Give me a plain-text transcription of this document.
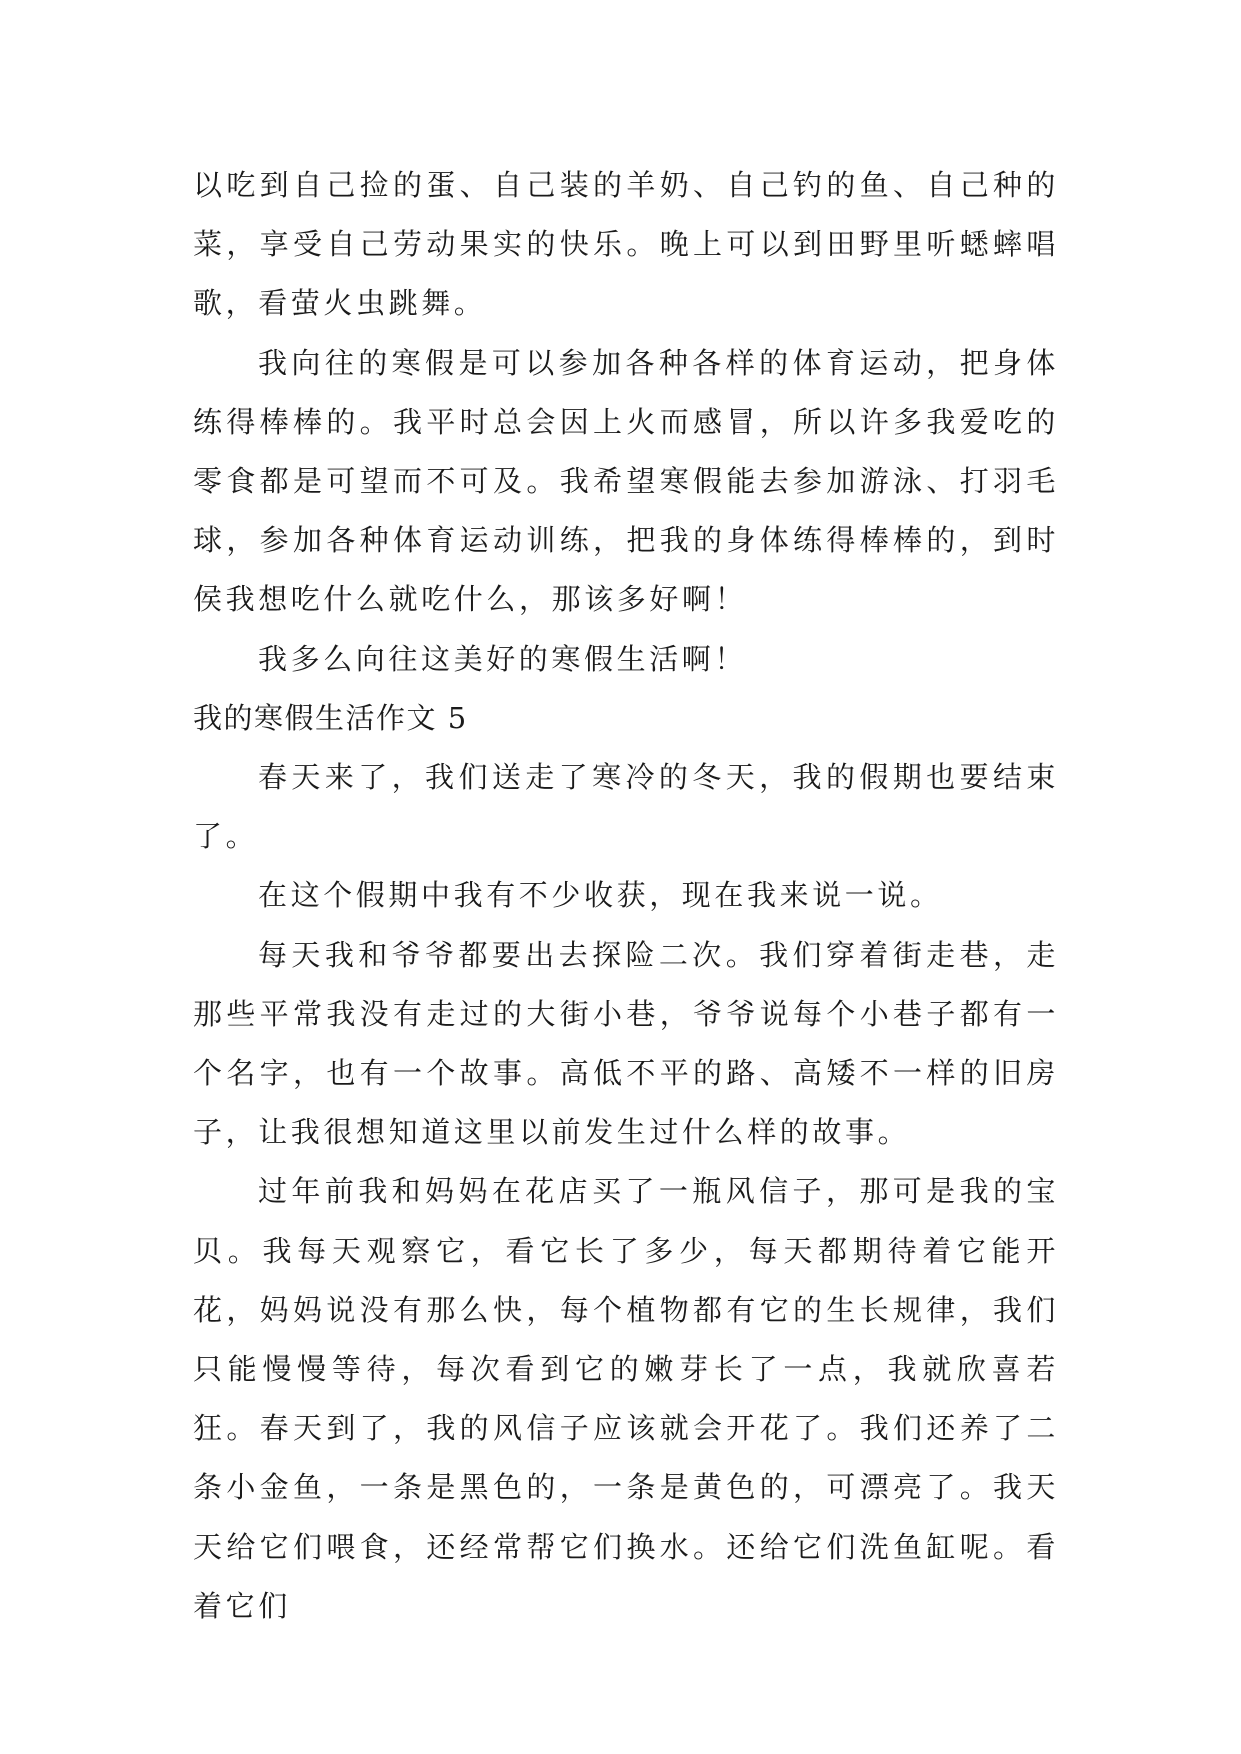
以吃到自己捡的蛋、自己装的羊奶、自己钓的鱼、自己种的菜，享受自己劳动果实的快乐。晚上可以到田野里听蟋蟀唱歌，看萤火虫跳舞。

我向往的寒假是可以参加各种各样的体育运动，把身体练得棒棒的。我平时总会因上火而感冒，所以许多我爱吃的零食都是可望而不可及。我希望寒假能去参加游泳、打羽毛球，参加各种体育运动训练，把我的身体练得棒棒的，到时侯我想吃什么就吃什么，那该多好啊！

我多么向往这美好的寒假生活啊！

我的寒假生活作文 5

春天来了，我们送走了寒冷的冬天，我的假期也要结束了。

在这个假期中我有不少收获，现在我来说一说。

每天我和爷爷都要出去探险二次。我们穿着街走巷，走那些平常我没有走过的大街小巷，爷爷说每个小巷子都有一个名字，也有一个故事。高低不平的路、高矮不一样的旧房子，让我很想知道这里以前发生过什么样的故事。

过年前我和妈妈在花店买了一瓶风信子，那可是我的宝贝。我每天观察它，看它长了多少，每天都期待着它能开花，妈妈说没有那么快，每个植物都有它的生长规律，我们只能慢慢等待，每次看到它的嫩芽长了一点，我就欣喜若狂。春天到了，我的风信子应该就会开花了。我们还养了二条小金鱼，一条是黑色的，一条是黄色的，可漂亮了。我天天给它们喂食，还经常帮它们换水。还给它们洗鱼缸呢。看着它们
